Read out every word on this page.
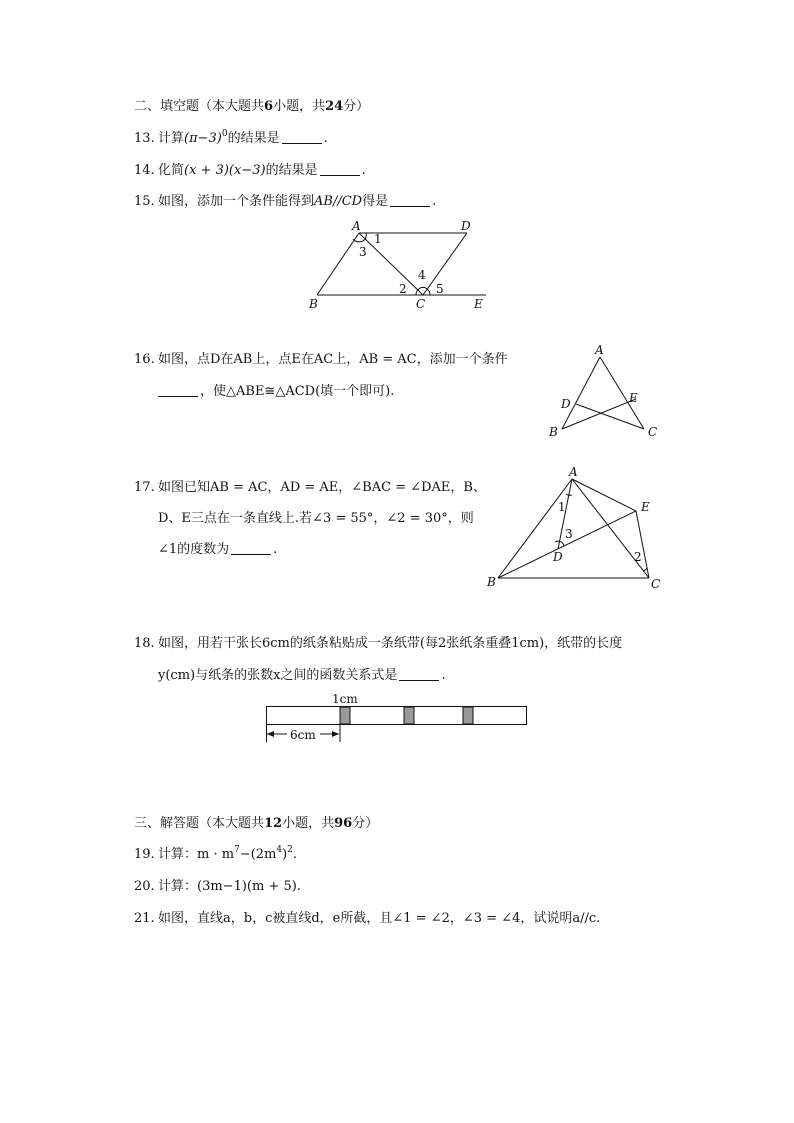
二、填空题（本大题共6小题，共24分）
13. 计算$(\pi-3)^0$的结果是	.
14. 化简(x + 3)(x−3)的结果是	.
15. 如图，添加一个条件能得到AB//CD得是	.
A	D
B	C	E
1
3
4
2 5
16. 如图，点D在AB上，点E在AC上，AB = AC，添加一个条件
，使△ABE≅△ACD(填一个即可).
A
D	E
B	C
17. 如图已知AB = AC，AD = AE，∠BAC = ∠DAE，B、
D、E三点在一条直线上.若∠3 = 55°，∠2 = 30°，则
∠1的度数为	.
A
E
B	C
D
1
3
2
18. 如图，用若干张长6cm的纸条粘贴成一条纸带(每2张纸条重叠1cm)，纸带的长度
y(cm)与纸条的张数x之间的函数关系式是	.
1cm
6cm
三、解答题（本大题共12小题，共96分）
19. 计算：$m \cdot m^7-(2m^4)^2$.
20. 计算：(3m−1)(m + 5).
21. 如图，直线a，b，c被直线d，e所截，且∠1 = ∠2，∠3 = ∠4，试说明a//c.
